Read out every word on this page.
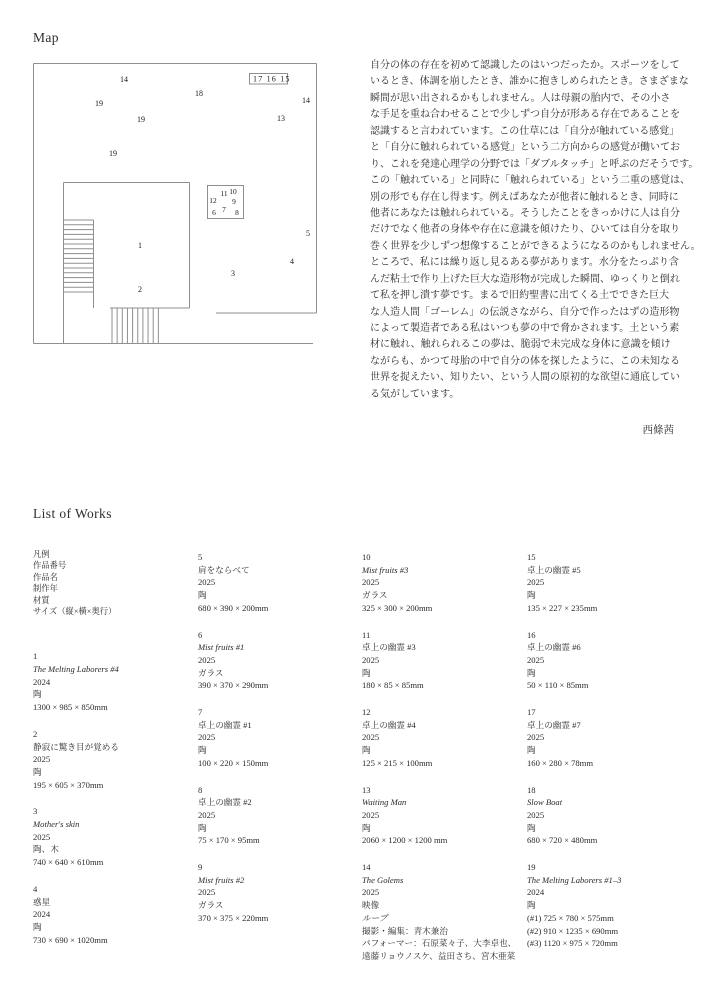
Map
17 16 15
14
19
18
14
13
19
19
1
2
3
4
5
11 10
12 9
6 7 8
自分の体の存在を初めて認識したのはいつだったか。スポーツをして
いるとき、体調を崩したとき、誰かに抱きしめられたとき。さまざまな
瞬間が思い出されるかもしれません。人は母親の胎内で、その小さ
な手足を重ね合わせることで少しずつ自分が形ある存在であることを
認識すると言われています。この仕草には「自分が触れている感覚」
と「自分に触れられている感覚」という二方向からの感覚が働いてお
り、これを発達心理学の分野では「ダブルタッチ」と呼ぶのだそうです。
この「触れている」と同時に「触れられている」という二重の感覚は、
別の形でも存在し得ます。例えばあなたが他者に触れるとき、同時に
他者にあなたは触れられている。そうしたことをきっかけに人は自分
だけでなく他者の身体や存在に意識を傾けたり、ひいては自分を取り
巻く世界を少しずつ想像することができるようになるのかもしれません。
ところで、私には繰り返し見るある夢があります。水分をたっぷり含
んだ粘土で作り上げた巨大な造形物が完成した瞬間、ゆっくりと倒れ
て私を押し潰す夢です。まるで旧約聖書に出てくる土でできた巨大
な人造人間「ゴーレム」の伝説さながら、自分で作ったはずの造形物
によって製造者である私はいつも夢の中で脅かされます。土という素
材に触れ、触れられるこの夢は、脆弱で未完成な身体に意識を傾け
ながらも、かつて母胎の中で自分の体を探したように、この未知なる
世界を捉えたい、知りたい、という人間の原初的な欲望に通底してい
る気がしています。
西條茜
List of Works
凡例
作品番号
作品名
制作年
材質
サイズ（縦×横×奥行）
1
The Melting Laborers #4
2024
陶
1300 × 985 × 850mm
2
静寂に驚き目が覚める
2025
陶
195 × 605 × 370mm
3
Mother's skin
2025
陶、木
740 × 640 × 610mm
4
惑星
2024
陶
730 × 690 × 1020mm
5
肩をならべて
2025
陶
680 × 390 × 200mm
6
Mist fruits #1
2025
ガラス
390 × 370 × 290mm
7
卓上の幽霊 #1
2025
陶
100 × 220 × 150mm
8
卓上の幽霊 #2
2025
陶
75 × 170 × 95mm
9
Mist fruits #2
2025
ガラス
370 × 375 × 220mm
10
Mist fruits #3
2025
ガラス
325 × 300 × 200mm
11
卓上の幽霊 #3
2025
陶
180 × 85 × 85mm
12
卓上の幽霊 #4
2025
陶
125 × 215 × 100mm
13
Waiting Man
2025
陶
2060 × 1200 × 1200 mm
14
The Golems
2025
映像
ループ
撮影・編集：青木兼治
パフォーマー：石原菜々子、大李卓也、
遠藤リョウノスケ、益田さち、宮木亜菜
15
卓上の幽霊 #5
2025
陶
135 × 227 × 235mm
16
卓上の幽霊 #6
2025
陶
50 × 110 × 85mm
17
卓上の幽霊 #7
2025
陶
160 × 280 × 78mm
18
Slow Boat
2025
陶
680 × 720 × 480mm
19
The Melting Laborers #1–3
2024
陶
(#1) 725 × 780 × 575mm
(#2) 910 × 1235 × 690mm
(#3) 1120 × 975 × 720mm
